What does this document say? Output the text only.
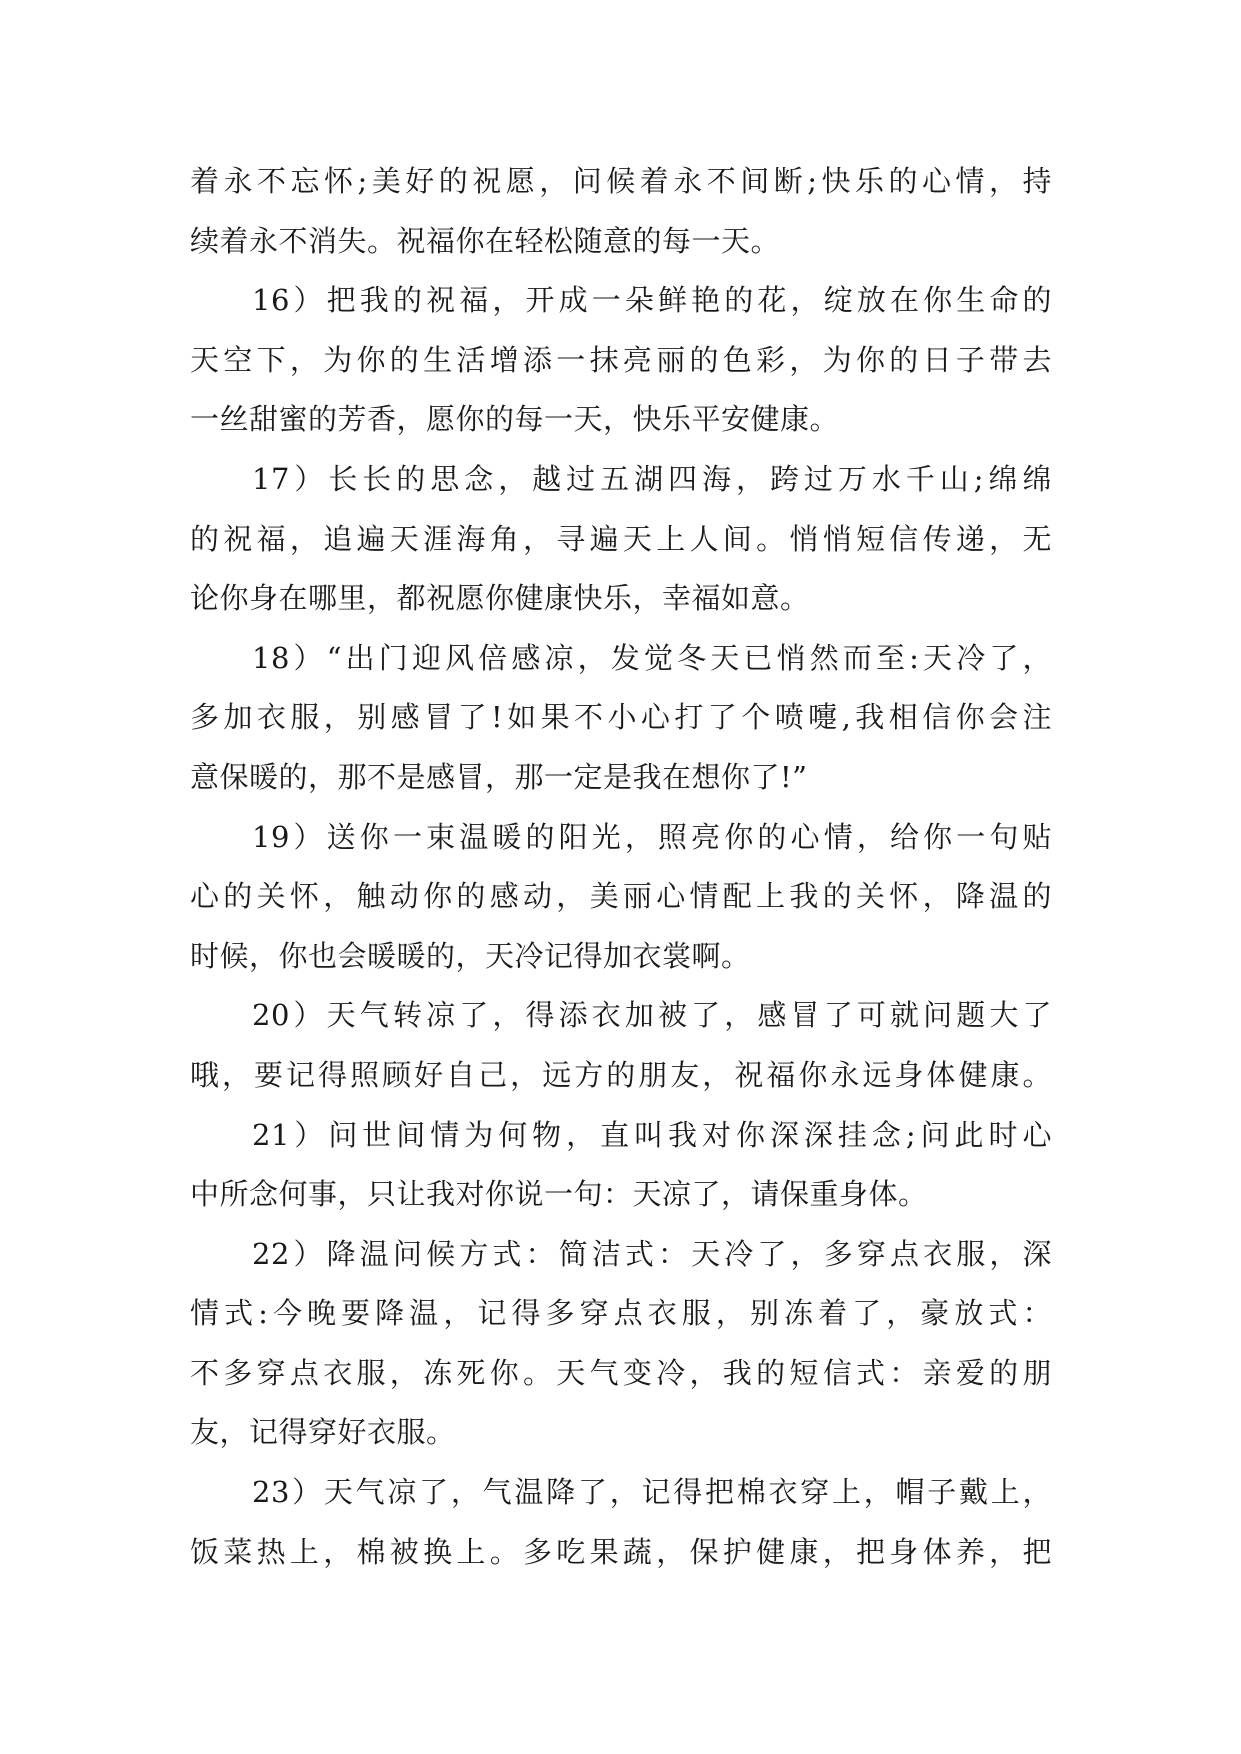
着永不忘怀;美好的祝愿，问候着永不间断;快乐的心情，持
续着永不消失。祝福你在轻松随意的每一天。
16）把我的祝福，开成一朵鲜艳的花，绽放在你生命的
天空下，为你的生活增添一抹亮丽的色彩，为你的日子带去
一丝甜蜜的芳香，愿你的每一天，快乐平安健康。
17）长长的思念，越过五湖四海，跨过万水千山;绵绵
的祝福，追遍天涯海角，寻遍天上人间。悄悄短信传递，无
论你身在哪里，都祝愿你健康快乐，幸福如意。
18）“出门迎风倍感凉，发觉冬天已悄然而至:天冷了，
多加衣服，别感冒了!如果不小心打了个喷嚏,我相信你会注
意保暖的，那不是感冒，那一定是我在想你了!”
19）送你一束温暖的阳光，照亮你的心情，给你一句贴
心的关怀，触动你的感动，美丽心情配上我的关怀，降温的
时候，你也会暖暖的，天冷记得加衣裳啊。
20）天气转凉了，得添衣加被了，感冒了可就问题大了
哦，要记得照顾好自己，远方的朋友，祝福你永远身体健康。
21）问世间情为何物，直叫我对你深深挂念;问此时心
中所念何事，只让我对你说一句：天凉了，请保重身体。
22）降温问候方式：简洁式：天冷了，多穿点衣服，深
情式:今晚要降温，记得多穿点衣服，别冻着了，豪放式：
不多穿点衣服，冻死你。天气变冷，我的短信式：亲爱的朋
友，记得穿好衣服。
23）天气凉了，气温降了，记得把棉衣穿上，帽子戴上，
饭菜热上，棉被换上。多吃果蔬，保护健康，把身体养，把
